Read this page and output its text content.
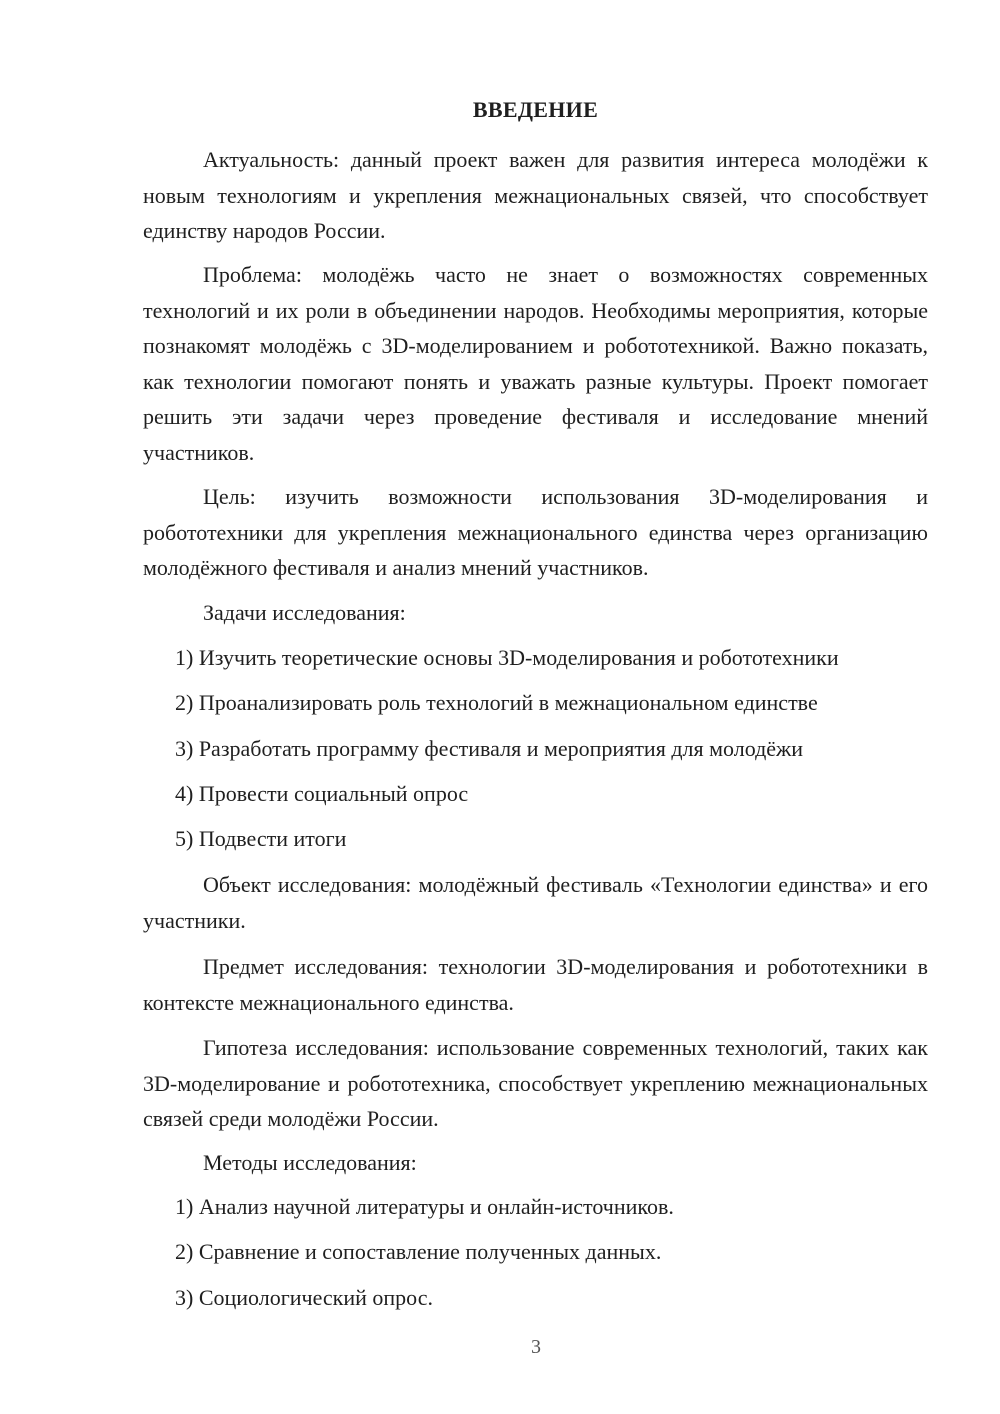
ВВЕДЕНИЕ

Актуальность: данный проект важен для развития интереса молодёжи к новым технологиям и укрепления межнациональных связей, что способствует единству народов России.

Проблема: молодёжь часто не знает о возможностях современных технологий и их роли в объединении народов. Необходимы мероприятия, которые познакомят молодёжь с 3D-моделированием и робототехникой. Важно показать, как технологии помогают понять и уважать разные культуры. Проект помогает решить эти задачи через проведение фестиваля и исследование мнений участников.

Цель: изучить возможности использования 3D-моделирования и робототехники для укрепления межнационального единства через организацию молодёжного фестиваля и анализ мнений участников.

Задачи исследования:
1) Изучить теоретические основы 3D-моделирования и робототехники
2) Проанализировать роль технологий в межнациональном единстве
3) Разработать программу фестиваля и мероприятия для молодёжи
4) Провести социальный опрос
5) Подвести итоги

Объект исследования: молодёжный фестиваль «Технологии единства» и его участники.

Предмет исследования: технологии 3D-моделирования и робототехники в контексте межнационального единства.

Гипотеза исследования: использование современных технологий, таких как 3D-моделирование и робототехника, способствует укреплению межнациональных связей среди молодёжи России.

Методы исследования:
1) Анализ научной литературы и онлайн-источников.
2) Сравнение и сопоставление полученных данных.
3) Социологический опрос.
3
